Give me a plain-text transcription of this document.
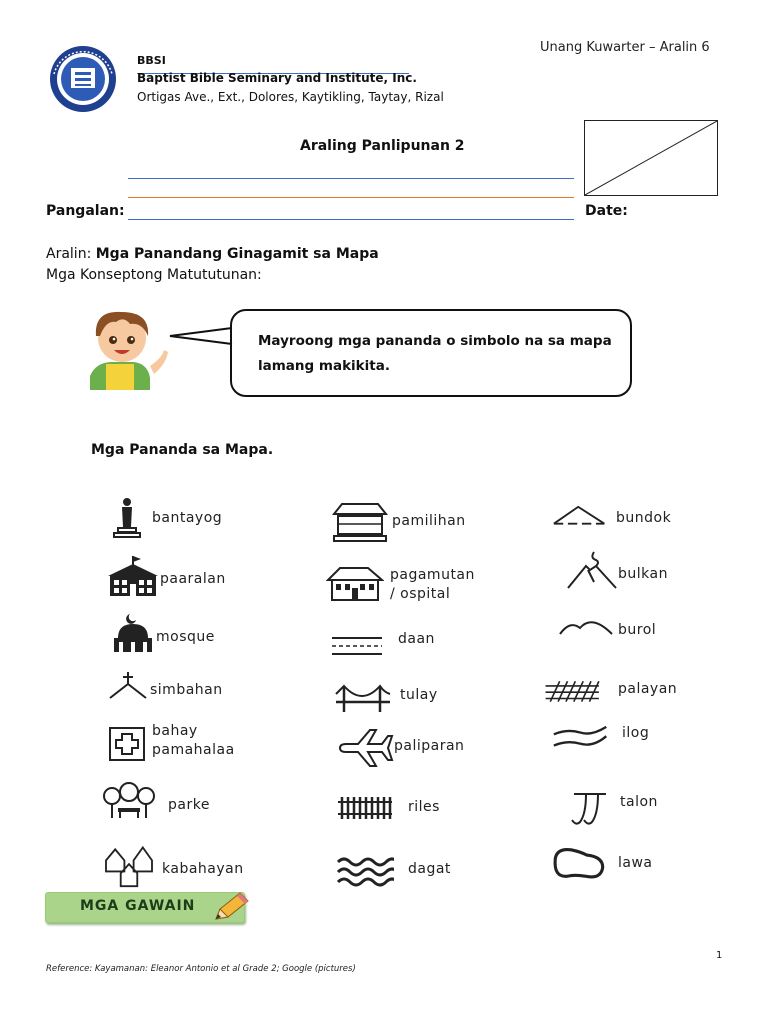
Unang Kuwarter – Aralin 6
BBSI
Baptist Bible Seminary and Institute, Inc.
Ortigas Ave., Ext., Dolores, Kaytikling, Taytay, Rizal
Araling Panlipunan 2
Pangalan:	Date:
Aralin: Mga Panandang Ginagamit sa Mapa
Mga Konseptong Matututunan:
Mayroong mga pananda o simbolo na sa mapa lamang makikita.
Mga Pananda sa Mapa.
bantayog
paaralan
mosque
simbahan
bahay
pamahalaa
parke
kabahayan
pamilihan
pagamutan
/ ospital
daan
tulay
paliparan
riles
dagat
bundok
bulkan
burol
palayan
ilog
talon
lawa
MGA GAWAIN
1
Reference: Kayamanan: Eleanor Antonio et al Grade 2; Google (pictures)
